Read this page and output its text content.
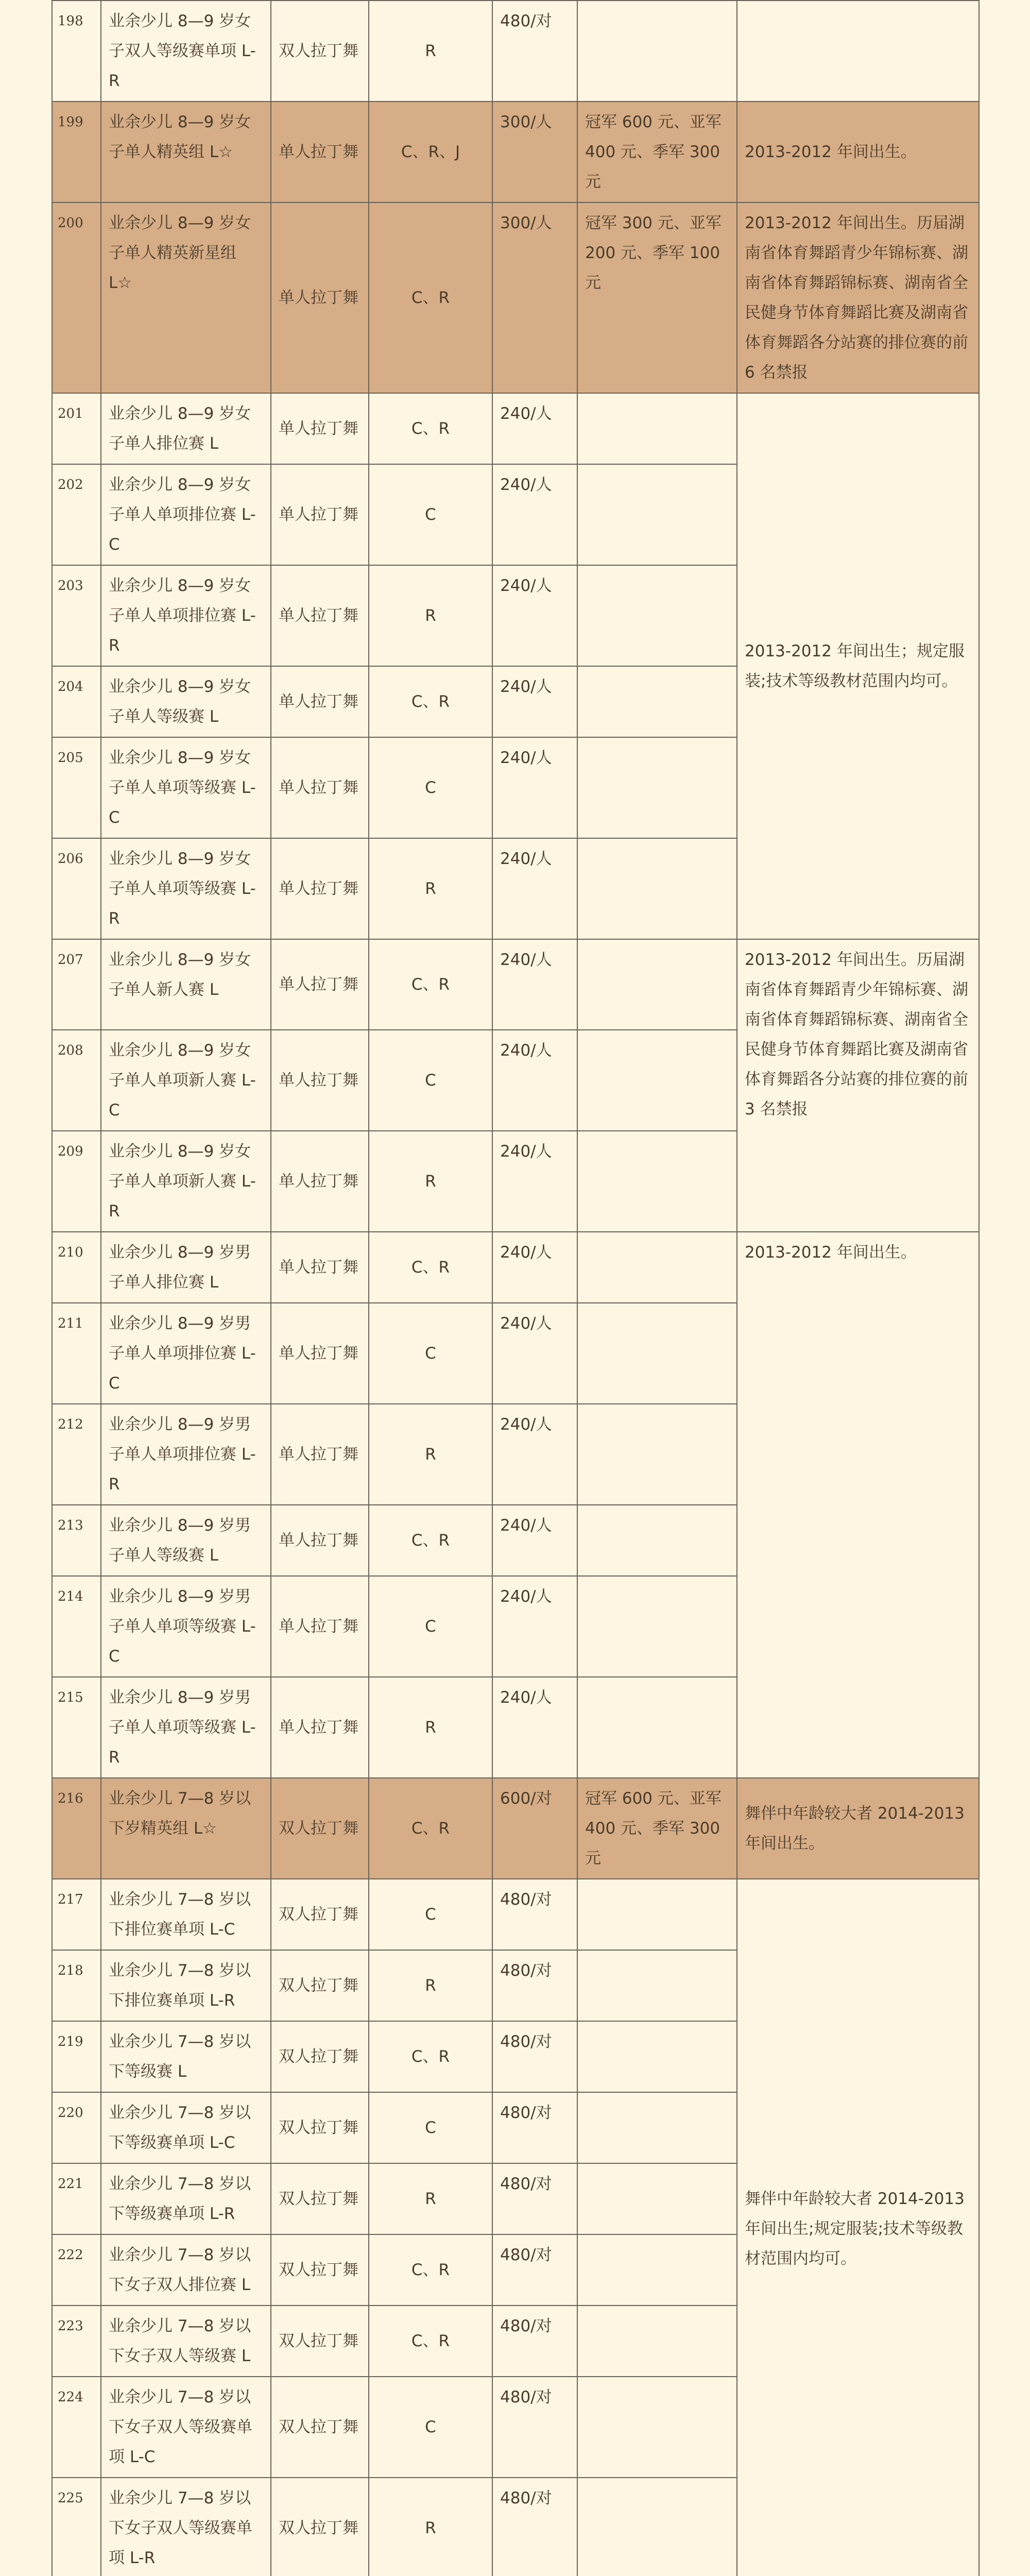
198	业余少儿 8—9 岁女子双人等级赛单项 L-R	双人拉丁舞	R	480/对		
199	业余少儿 8—9 岁女子单人精英组 L☆	单人拉丁舞	C、R、J	300/人	冠军 600 元、亚军 400 元、季军 300 元	2013-2012 年间出生。
200	业余少儿 8—9 岁女子单人精英新星组 L☆	单人拉丁舞	C、R	300/人	冠军 300 元、亚军 200 元、季军 100 元	2013-2012 年间出生。历届湖南省体育舞蹈青少年锦标赛、湖南省体育舞蹈锦标赛、湖南省全民健身节体育舞蹈比赛及湖南省体育舞蹈各分站赛的排位赛的前 6 名禁报
201	业余少儿 8—9 岁女子单人排位赛 L	单人拉丁舞	C、R	240/人		2013-2012 年间出生；规定服装;技术等级教材范围内均可。
202	业余少儿 8—9 岁女子单人单项排位赛 L-C	单人拉丁舞	C	240/人		
203	业余少儿 8—9 岁女子单人单项排位赛 L-R	单人拉丁舞	R	240/人		
204	业余少儿 8—9 岁女子单人等级赛 L	单人拉丁舞	C、R	240/人		
205	业余少儿 8—9 岁女子单人单项等级赛 L-C	单人拉丁舞	C	240/人		
206	业余少儿 8—9 岁女子单人单项等级赛 L-R	单人拉丁舞	R	240/人		
207	业余少儿 8—9 岁女子单人新人赛 L	单人拉丁舞	C、R	240/人		2013-2012 年间出生。历届湖南省体育舞蹈青少年锦标赛、湖南省体育舞蹈锦标赛、湖南省全民健身节体育舞蹈比赛及湖南省体育舞蹈各分站赛的排位赛的前 3 名禁报
208	业余少儿 8—9 岁女子单人单项新人赛 L-C	单人拉丁舞	C	240/人		
209	业余少儿 8—9 岁女子单人单项新人赛 L-R	单人拉丁舞	R	240/人		
210	业余少儿 8—9 岁男子单人排位赛 L	单人拉丁舞	C、R	240/人		2013-2012 年间出生。
211	业余少儿 8—9 岁男子单人单项排位赛 L-C	单人拉丁舞	C	240/人		
212	业余少儿 8—9 岁男子单人单项排位赛 L-R	单人拉丁舞	R	240/人		
213	业余少儿 8—9 岁男子单人等级赛 L	单人拉丁舞	C、R	240/人		
214	业余少儿 8—9 岁男子单人单项等级赛 L-C	单人拉丁舞	C	240/人		
215	业余少儿 8—9 岁男子单人单项等级赛 L-R	单人拉丁舞	R	240/人		
216	业余少儿 7—8 岁以下岁精英组 L☆	双人拉丁舞	C、R	600/对	冠军 600 元、亚军 400 元、季军 300 元	舞伴中年龄较大者 2014-2013 年间出生。
217	业余少儿 7—8 岁以下排位赛单项 L-C	双人拉丁舞	C	480/对		舞伴中年龄较大者 2014-2013 年间出生;规定服装;技术等级教材范围内均可。
218	业余少儿 7—8 岁以下排位赛单项 L-R	双人拉丁舞	R	480/对		
219	业余少儿 7—8 岁以下等级赛 L	双人拉丁舞	C、R	480/对		
220	业余少儿 7—8 岁以下等级赛单项 L-C	双人拉丁舞	C	480/对		
221	业余少儿 7—8 岁以下等级赛单项 L-R	双人拉丁舞	R	480/对		
222	业余少儿 7—8 岁以下女子双人排位赛 L	双人拉丁舞	C、R	480/对		
223	业余少儿 7—8 岁以下女子双人等级赛 L	双人拉丁舞	C、R	480/对		
224	业余少儿 7—8 岁以下女子双人等级赛单项 L-C	双人拉丁舞	C	480/对		
225	业余少儿 7—8 岁以下女子双人等级赛单项 L-R	双人拉丁舞	R	480/对		
